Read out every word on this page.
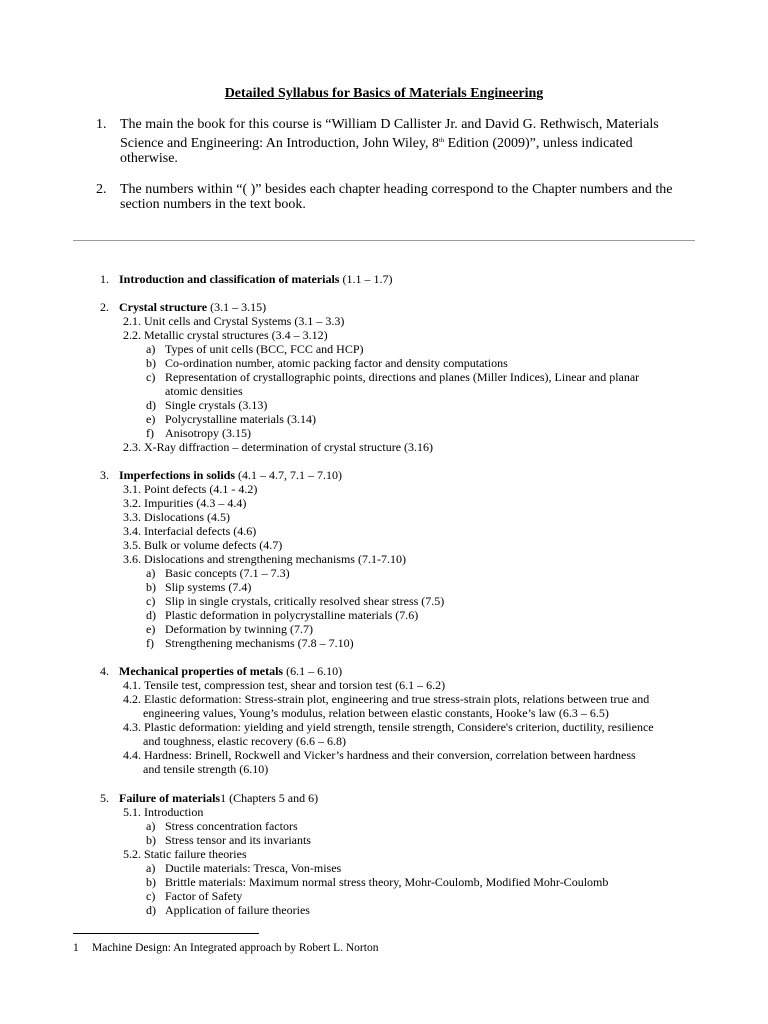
Detailed Syllabus for Basics of Materials Engineering
1. The main the book for this course is “William D Callister Jr. and David G. Rethwisch, Materials Science and Engineering: An Introduction, John Wiley, 8th Edition (2009)”, unless indicated otherwise.
2. The numbers within “( )” besides each chapter heading correspond to the Chapter numbers and the section numbers in the text book.
1. Introduction and classification of materials (1.1 – 1.7)
2. Crystal structure (3.1 – 3.15)
2.1. Unit cells and Crystal Systems (3.1 – 3.3)
2.2. Metallic crystal structures (3.4 – 3.12)
a) Types of unit cells (BCC, FCC and HCP)
b) Co-ordination number, atomic packing factor and density computations
c) Representation of crystallographic points, directions and planes (Miller Indices), Linear and planar
atomic densities
d) Single crystals (3.13)
e) Polycrystalline materials (3.14)
f) Anisotropy (3.15)
2.3. X-Ray diffraction – determination of crystal structure (3.16)
3. Imperfections in solids (4.1 – 4.7, 7.1 – 7.10)
3.1. Point defects (4.1 - 4.2)
3.2. Impurities (4.3 – 4.4)
3.3. Dislocations (4.5)
3.4. Interfacial defects (4.6)
3.5. Bulk or volume defects (4.7)
3.6. Dislocations and strengthening mechanisms (7.1-7.10)
a) Basic concepts (7.1 – 7.3)
b) Slip systems (7.4)
c) Slip in single crystals, critically resolved shear stress (7.5)
d) Plastic deformation in polycrystalline materials (7.6)
e) Deformation by twinning (7.7)
f) Strengthening mechanisms (7.8 – 7.10)
4. Mechanical properties of metals (6.1 – 6.10)
4.1. Tensile test, compression test, shear and torsion test (6.1 – 6.2)
4.2. Elastic deformation: Stress-strain plot, engineering and true stress-strain plots, relations between true and
engineering values, Young’s modulus, relation between elastic constants, Hooke’s law (6.3 – 6.5)
4.3. Plastic deformation: yielding and yield strength, tensile strength, Considere's criterion, ductility, resilience
and toughness, elastic recovery (6.6 – 6.8)
4.4. Hardness: Brinell, Rockwell and Vicker’s hardness and their conversion, correlation between hardness
and tensile strength (6.10)
5. Failure of materials1 (Chapters 5 and 6)
5.1. Introduction
a) Stress concentration factors
b) Stress tensor and its invariants
5.2. Static failure theories
a) Ductile materials: Tresca, Von-mises
b) Brittle materials: Maximum normal stress theory, Mohr-Coulomb, Modified Mohr-Coulomb
c) Factor of Safety
d) Application of failure theories
1 Machine Design: An Integrated approach by Robert L. Norton
